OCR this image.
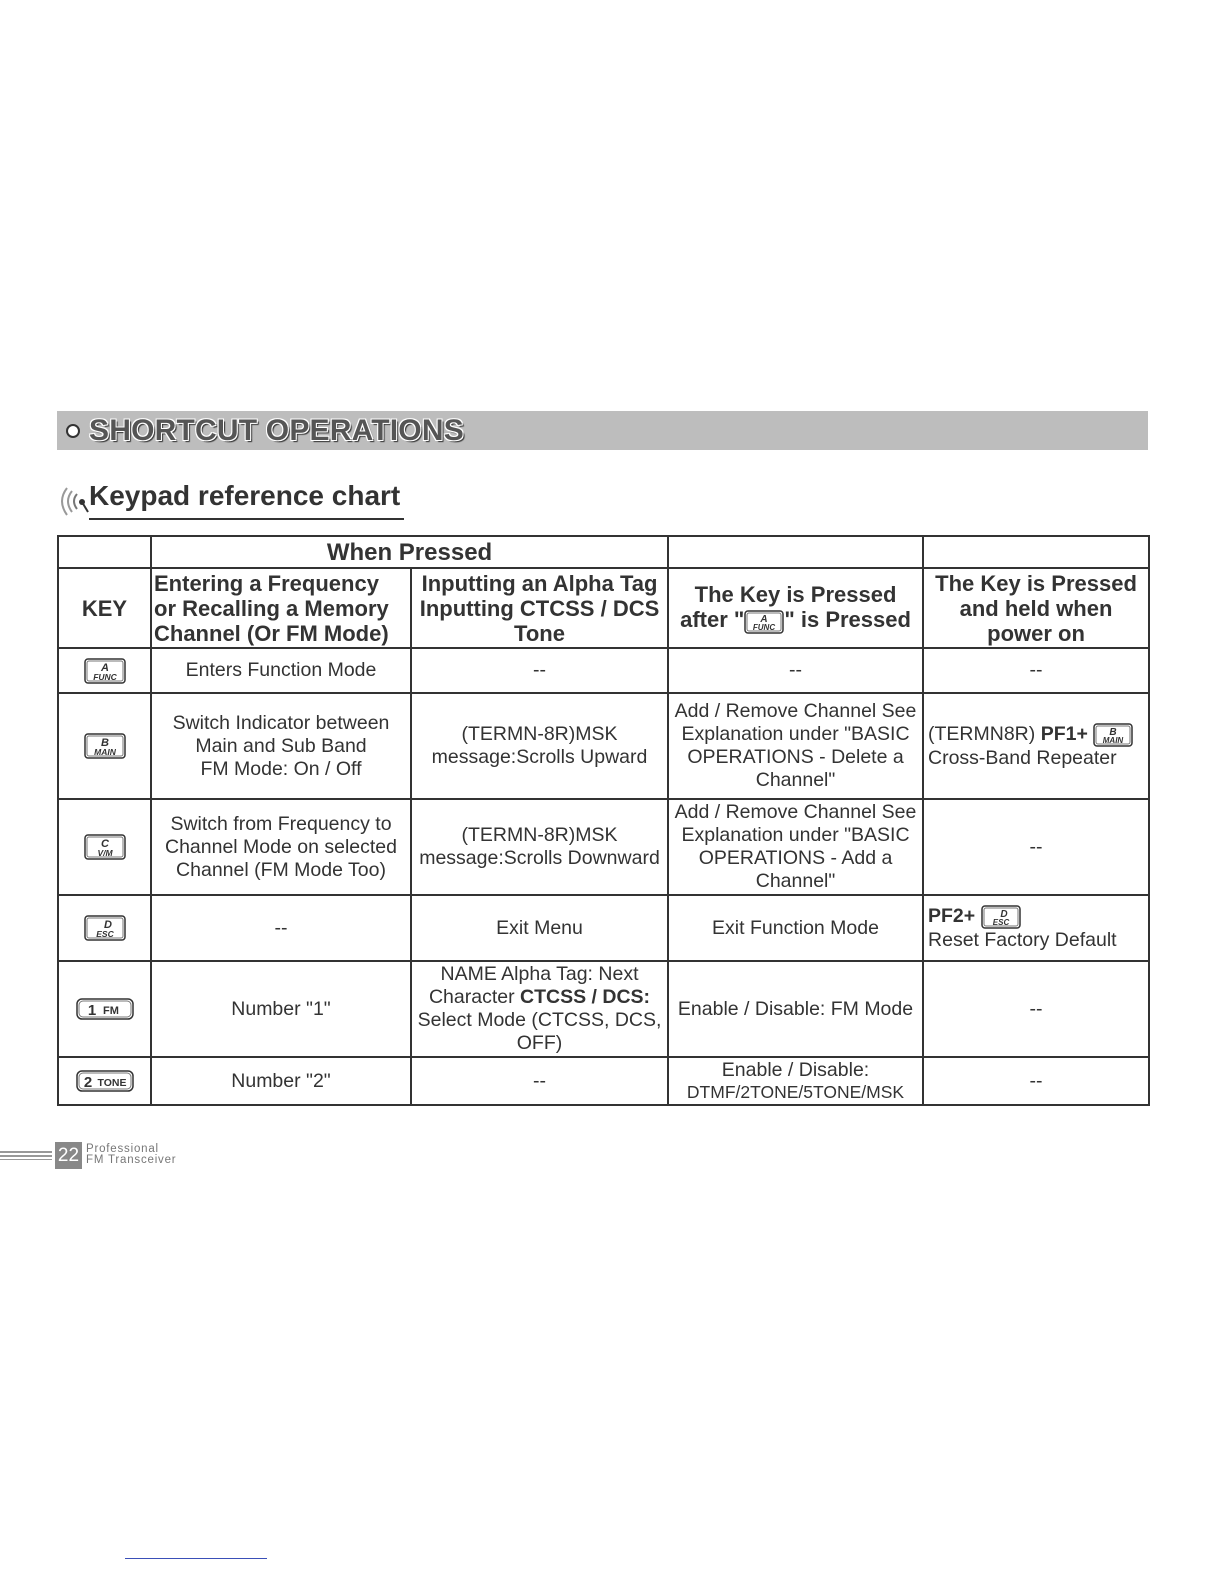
SHORTCUT OPERATIONS
Keypad reference chart
	When Pressed			
KEY	Entering a Frequency
or Recalling a Memory
Channel (Or FM Mode)	Inputting an Alpha Tag
Inputting CTCSS / DCS
Tone	The Key is Pressed
after " A
FUNC " is Pressed	The Key is Pressed
and held when
power on

A
FUNC	Enters Function Mode	--	--	--

B
MAIN	Switch Indicator between
Main and Sub Band
FM Mode: On / Off	(TERMN-8R)MSK
message:Scrolls Upward	Add / Remove Channel See
Explanation under "BASIC
OPERATIONS - Delete a
Channel"	(TERMN8R) PF1+ B
MAIN

Cross-Band Repeater

C
V/M	Switch from Frequency to
Channel Mode on selected
Channel (FM Mode Too)	(TERMN-8R)MSK
message:Scrolls Downward	Add / Remove Channel See
Explanation under "BASIC
OPERATIONS - Add a
Channel"	--

D
ESC	--	Exit Menu	Exit Function Mode	PF2+ D
ESC

Reset Factory Default

1 FM	Number "1"	NAME Alpha Tag: Next
Character CTCSS / DCS:
Select Mode (CTCSS, DCS,
OFF)	Enable / Disable: FM Mode	--

2 TONE	Number "2"	--	Enable / Disable:
DTMF/2TONE/5TONE/MSK	--
22 Professional
FM Transceiver
